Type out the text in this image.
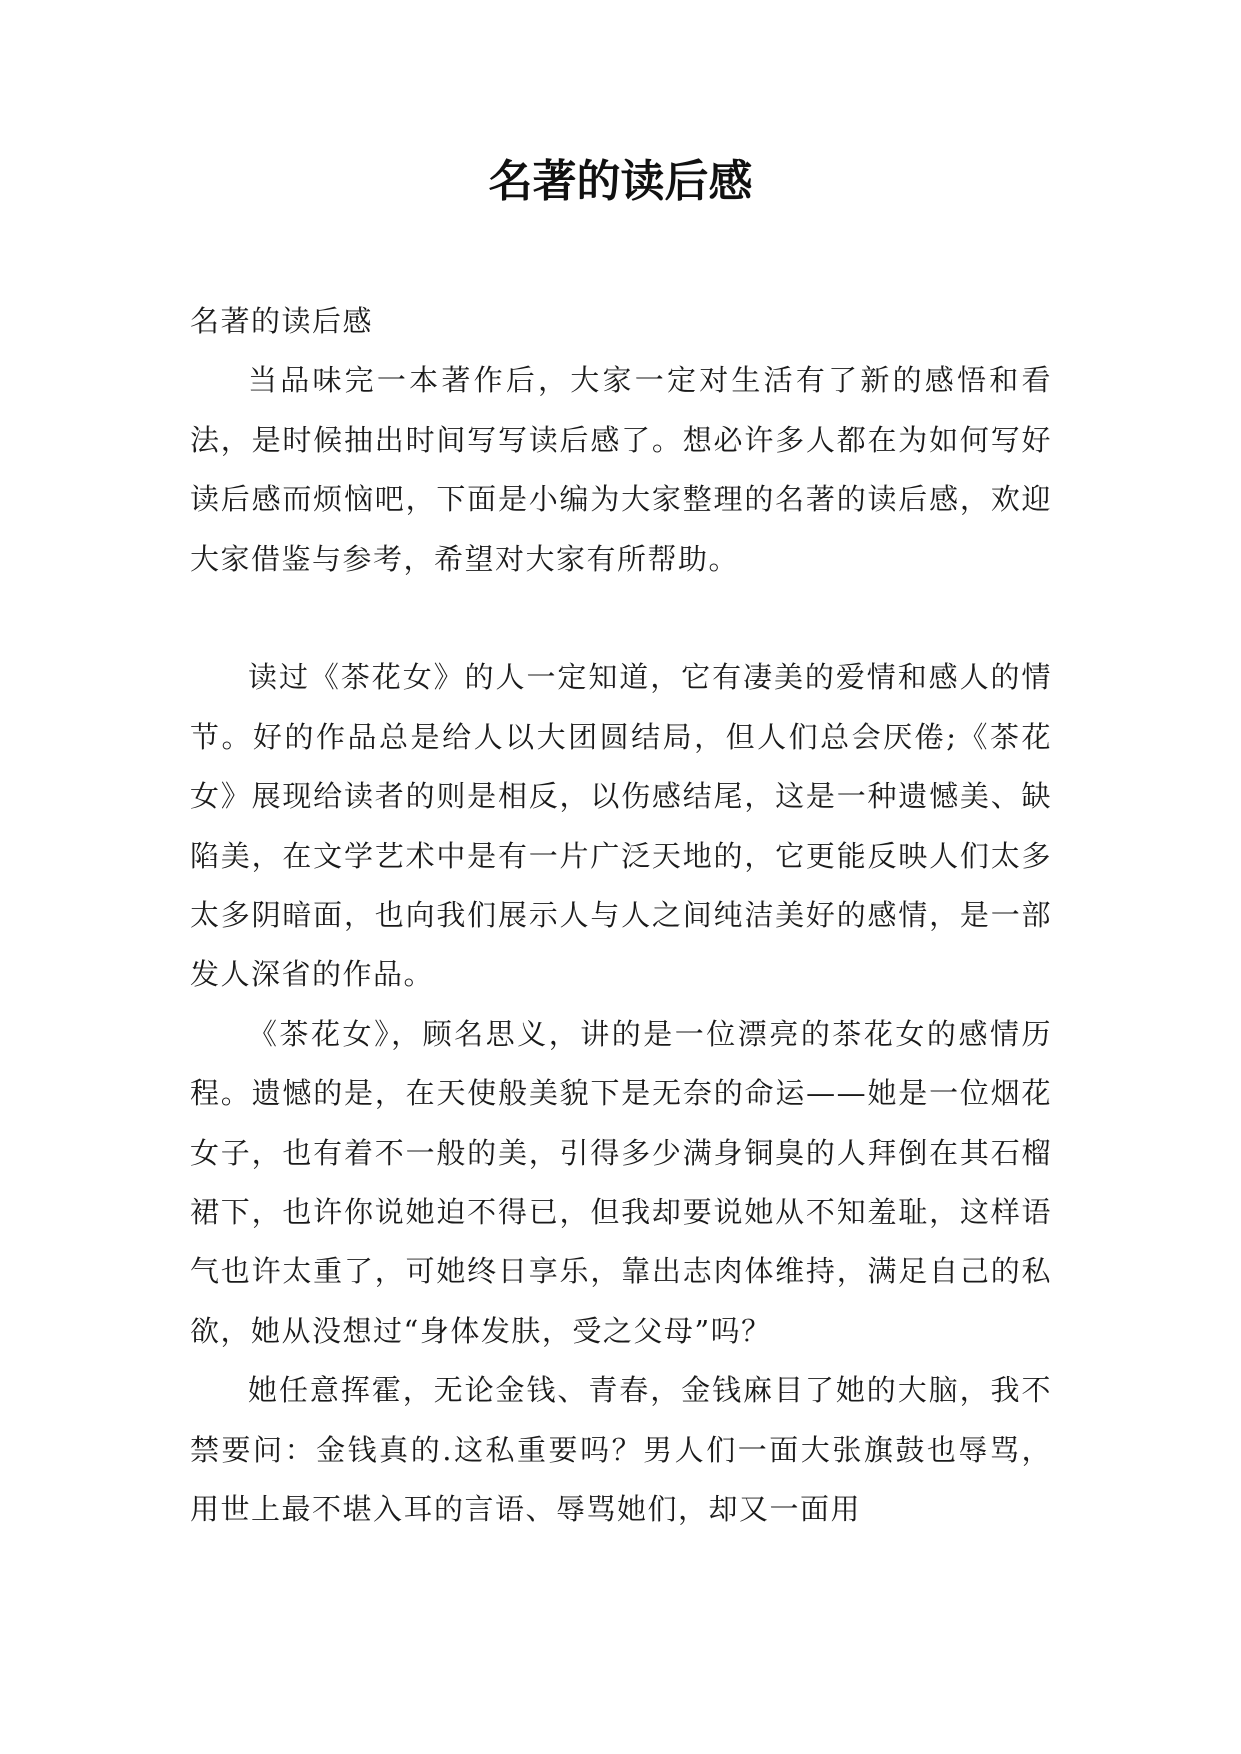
名著的读后感

名著的读后感

当品味完一本著作后，大家一定对生活有了新的感悟和看法，是时候抽出时间写写读后感了。想必许多人都在为如何写好读后感而烦恼吧，下面是小编为大家整理的名著的读后感，欢迎大家借鉴与参考，希望对大家有所帮助。

读过《茶花女》的人一定知道，它有凄美的爱情和感人的情节。好的作品总是给人以大团圆结局，但人们总会厌倦;《茶花女》展现给读者的则是相反，以伤感结尾，这是一种遗憾美、缺陷美，在文学艺术中是有一片广泛天地的，它更能反映人们太多太多阴暗面，也向我们展示人与人之间纯洁美好的感情，是一部发人深省的作品。

《茶花女》，顾名思义，讲的是一位漂亮的茶花女的感情历程。遗憾的是，在天使般美貌下是无奈的命运——她是一位烟花女子，也有着不一般的美，引得多少满身铜臭的人拜倒在其石榴裙下，也许你说她迫不得已，但我却要说她从不知羞耻，这样语气也许太重了，可她终日享乐，靠出志肉体维持，满足自己的私欲，她从没想过“身体发肤，受之父母”吗？

她任意挥霍，无论金钱、青春，金钱麻目了她的大脑，我不禁要问：金钱真的.这私重要吗？男人们一面大张旗鼓也辱骂，用世上最不堪入耳的言语、辱骂她们，却又一面用
